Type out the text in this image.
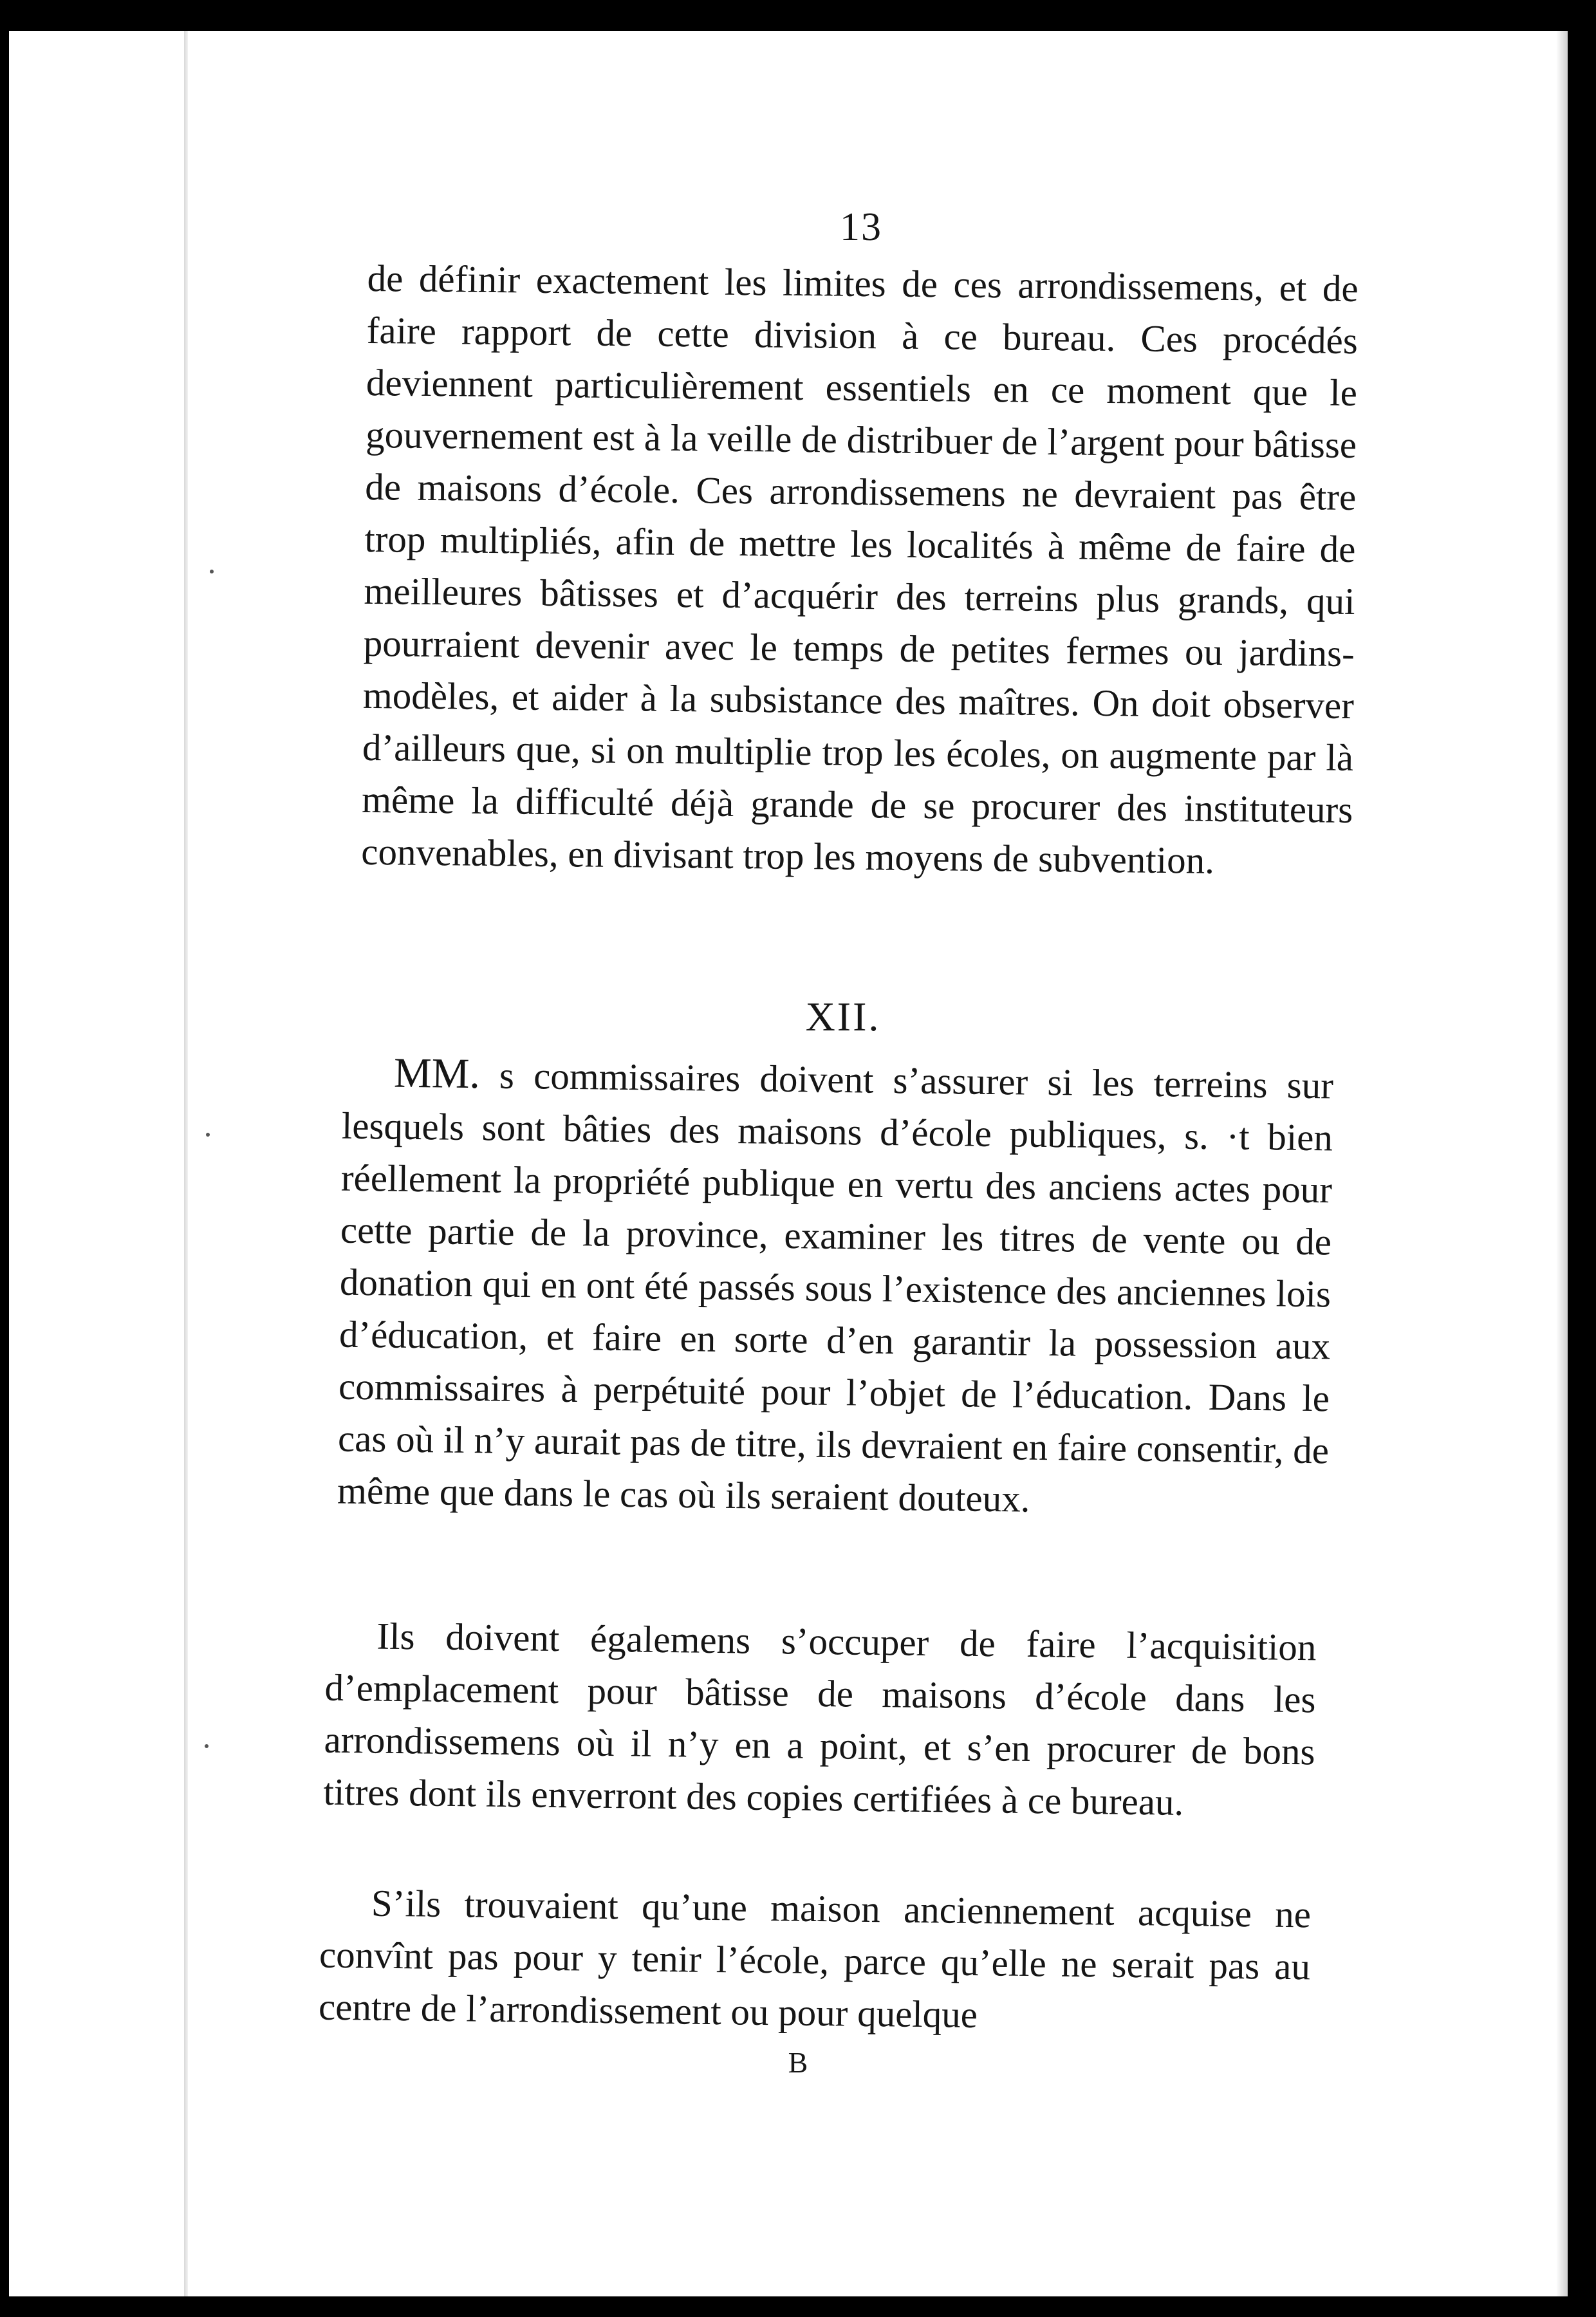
13

de définir exactement les limites de ces arrondissemens, et de faire rapport de cette division à ce bureau. Ces procédés deviennent particulièrement essentiels en ce moment que le gouvernement est à la veille de distribuer de l’argent pour bâtisse de maisons d’école. Ces arrondissemens ne devraient pas être trop multipliés, afin de mettre les localités à même de faire de meilleures bâtisses et d’acquérir des terreins plus grands, qui pourraient devenir avec le temps de petites fermes ou jardins-modèles, et aider à la subsistance des maîtres. On doit observer d’ailleurs que, si on multiplie trop les écoles, on augmente par là même la difficulté déjà grande de se procurer des instituteurs convenables, en divisant trop les moyens de subvention.

XII.

MM. s commissaires doivent s’assurer si les terreins sur lesquels sont bâties des maisons d’école publiques, s. ·t bien réellement la propriété publique en vertu des anciens actes pour cette partie de la province, examiner les titres de vente ou de donation qui en ont été passés sous l’existence des anciennes lois d’éducation, et faire en sorte d’en garantir la possession aux commissaires à perpétuité pour l’objet de l’éducation. Dans le cas où il n’y aurait pas de titre, ils devraient en faire consentir, de même que dans le cas où ils seraient douteux.

Ils doivent égalemens s’occuper de faire l’acquisition d’emplacement pour bâtisse de maisons d’école dans les arrondissemens où il n’y en a point, et s’en procurer de bons titres dont ils enverront des copies certifiées à ce bureau.

S’ils trouvaient qu’une maison anciennement acquise ne convînt pas pour y tenir l’école, parce qu’elle ne serait pas au centre de l’arrondissement ou pour quelque

B
